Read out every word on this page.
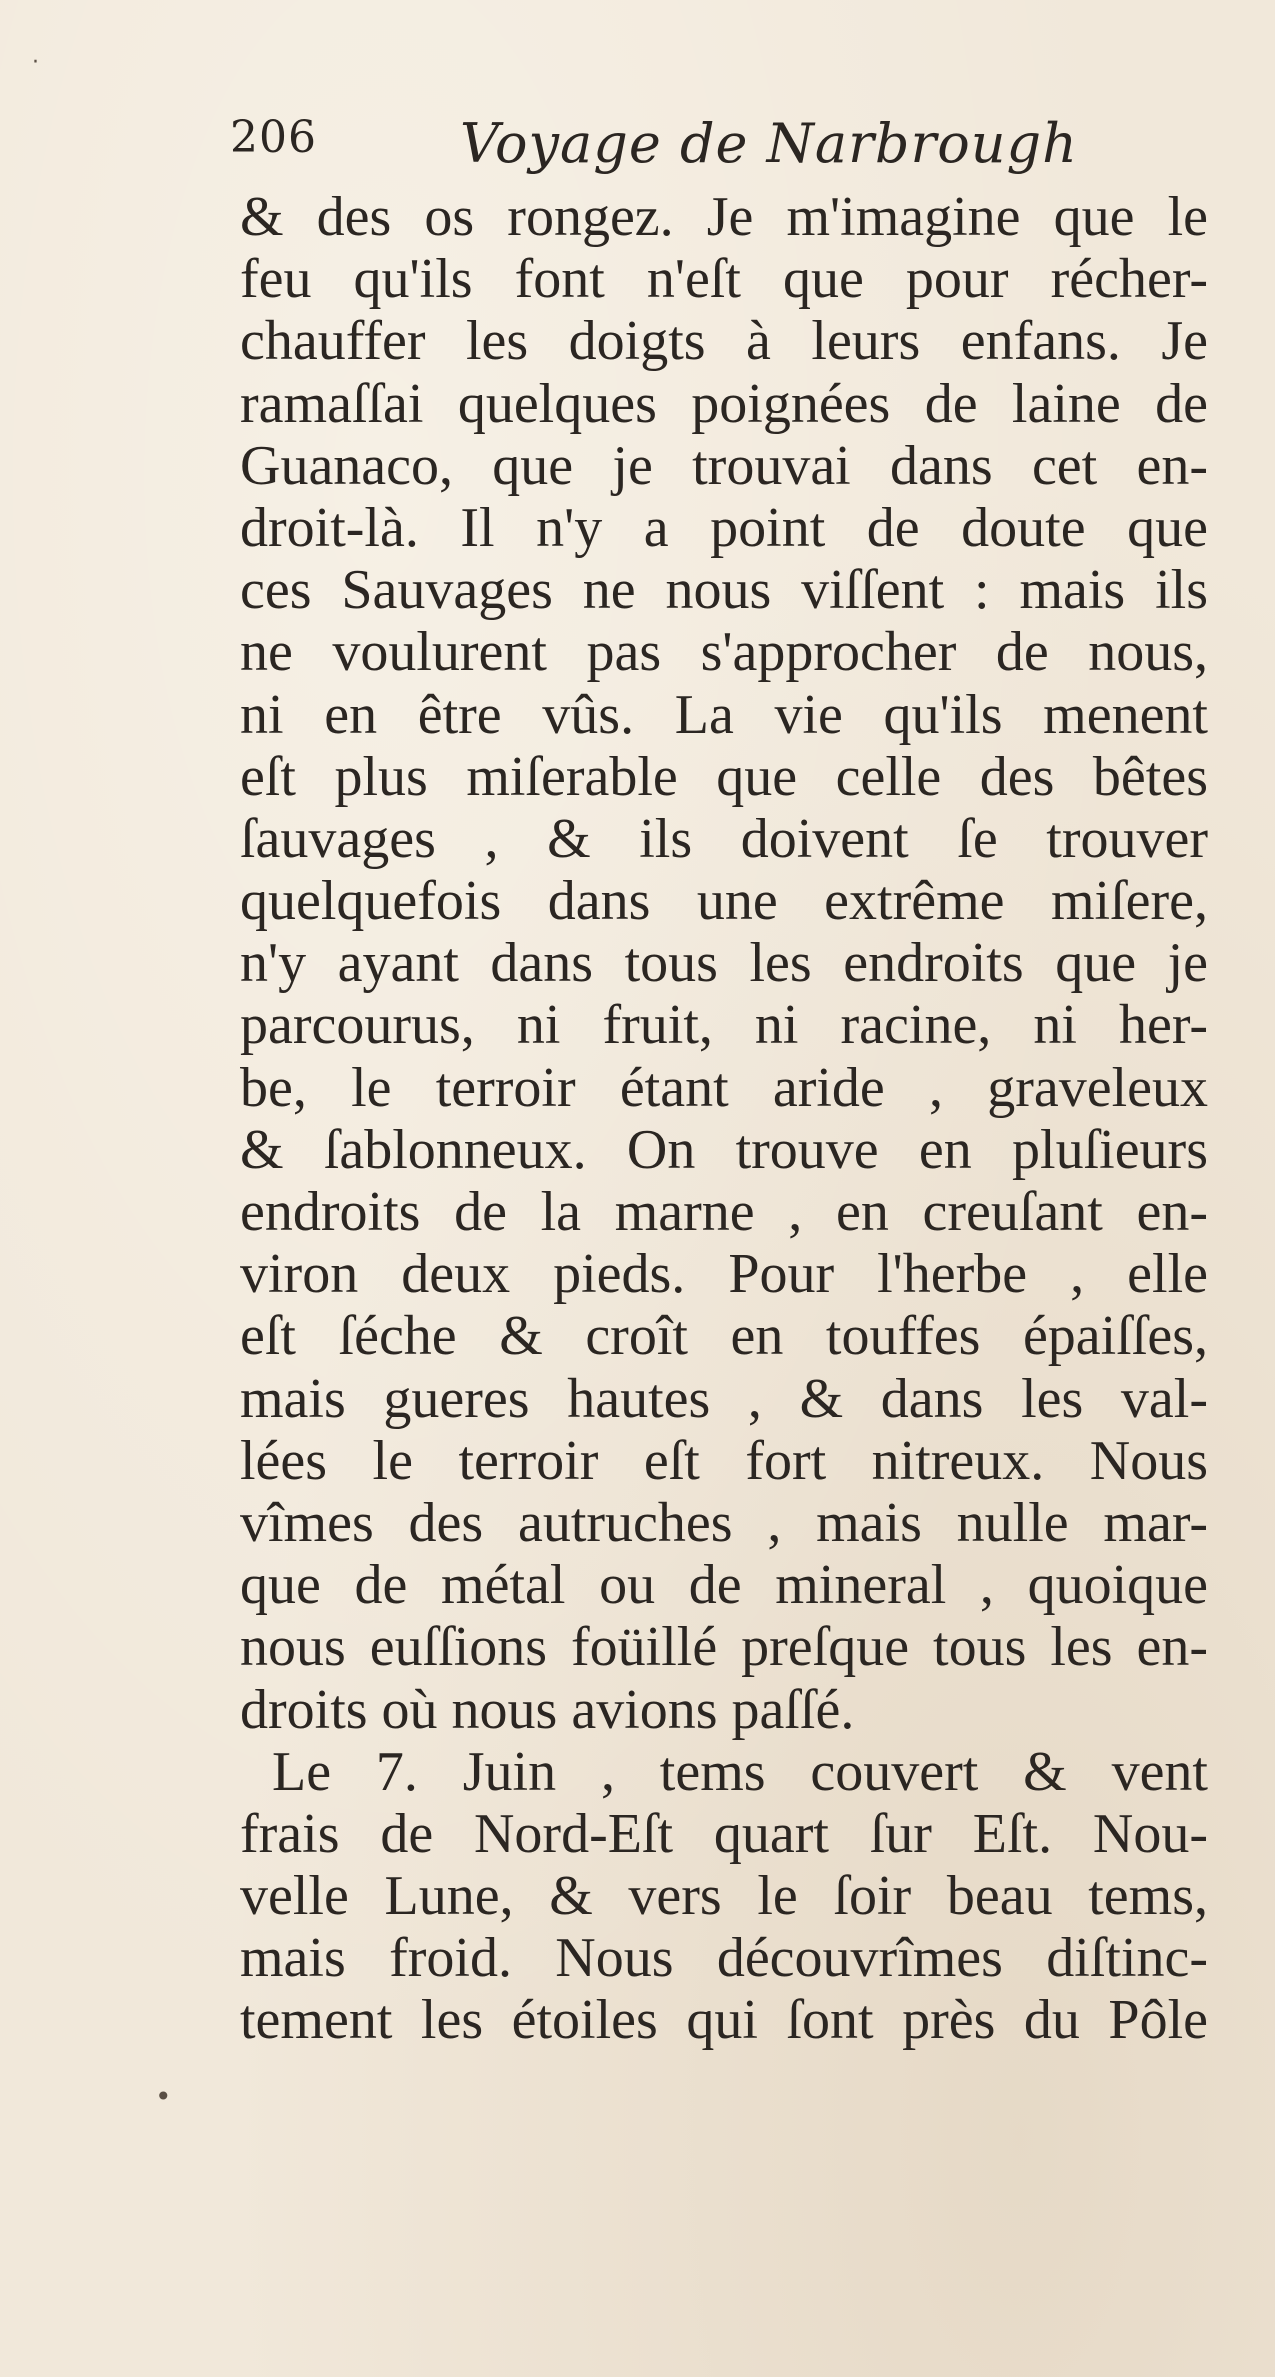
206	Voyage de Narbrough
& des os rongez. Je m'imagine que le
feu qu'ils font n'eſt que pour récher-
chauffer les doigts à leurs enfans. Je
ramaſſai quelques poignées de laine de
Guanaco, que je trouvai dans cet en-
droit-là. Il n'y a point de doute que
ces Sauvages ne nous viſſent : mais ils
ne voulurent pas s'approcher de nous,
ni en être vûs. La vie qu'ils menent
eſt plus miſerable que celle des bêtes
ſauvages , & ils doivent ſe trouver
quelquefois dans une extrême miſere,
n'y ayant dans tous les endroits que je
parcourus, ni fruit, ni racine, ni her-
be, le terroir étant aride , graveleux
& ſablonneux. On trouve en pluſieurs
endroits de la marne , en creuſant en-
viron deux pieds. Pour l'herbe , elle
eſt ſéche & croît en touffes épaiſſes,
mais gueres hautes , & dans les val-
lées le terroir eſt fort nitreux. Nous
vîmes des autruches , mais nulle mar-
que de métal ou de mineral , quoique
nous euſſions foüillé preſque tous les en-
droits où nous avions paſſé.
Le 7. Juin , tems couvert & vent
frais de Nord-Eſt quart ſur Eſt. Nou-
velle Lune, & vers le ſoir beau tems,
mais froid. Nous découvrîmes diſtinc-
tement les étoiles qui ſont près du Pôle
·
•
